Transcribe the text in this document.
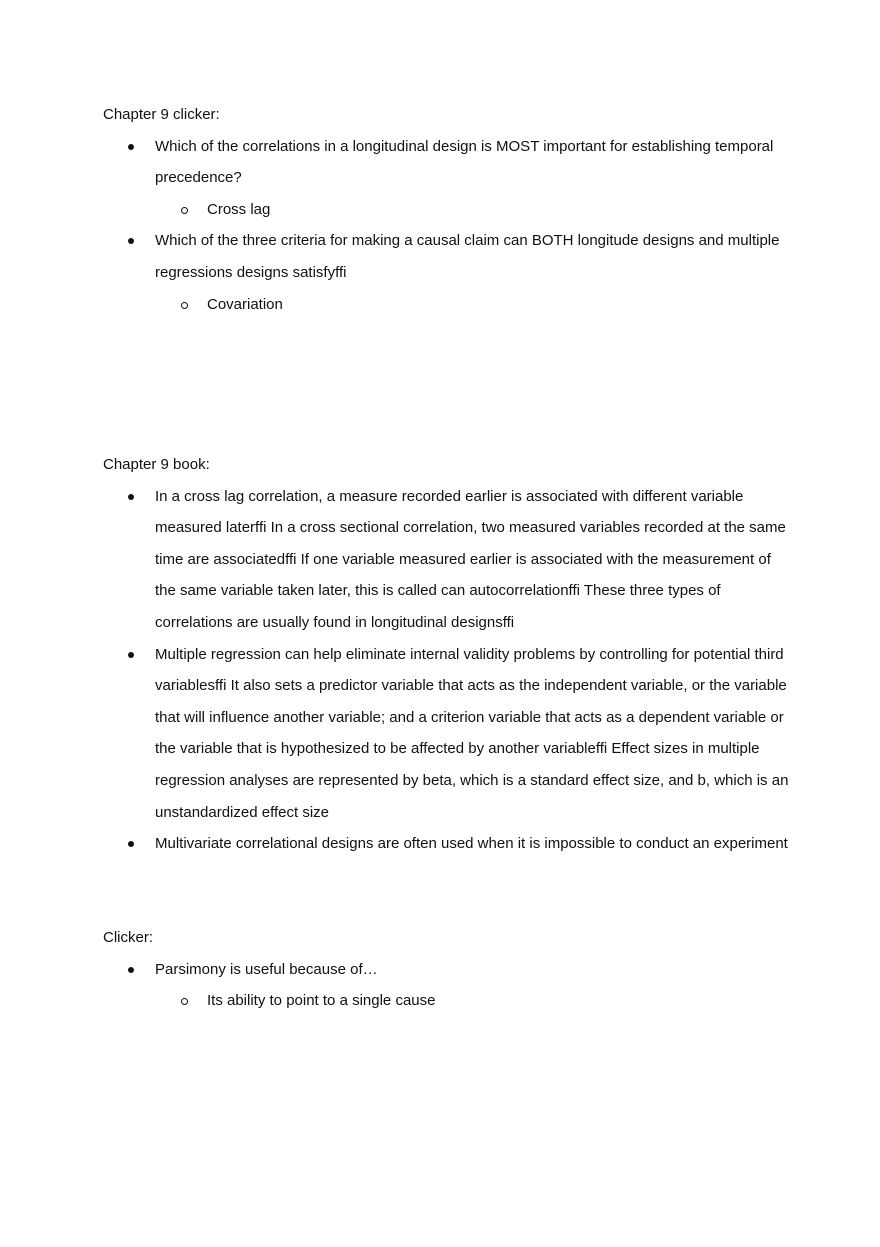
Chapter 9 clicker:
Which of the correlations in a longitudinal design is MOST important for establishing temporal precedence?
Cross lag
Which of the three criteria for making a causal claim can BOTH longitude designs and multiple regressions designs satisfyffi
Covariation
Chapter 9 book:
In a cross lag correlation, a measure recorded earlier is associated with different variable measured laterffi In a cross sectional correlation, two measured variables recorded at the same time are associatedffi If one variable measured earlier is associated with the measurement of the same variable taken later, this is called can autocorrelationffi These three types of correlations are usually found in longitudinal designsffi
Multiple regression can help eliminate internal validity problems by controlling for potential third variablesffi It also sets a predictor variable that acts as the independent variable, or the variable that will influence another variable; and a criterion variable that acts as a dependent variable or the variable that is hypothesized to be affected by another variableffi Effect sizes in multiple regression analyses are represented by beta, which is a standard effect size, and b, which is an unstandardized effect size
Multivariate correlational designs are often used when it is impossible to conduct an experiment
Clicker:
Parsimony is useful because of…
Its ability to point to a single cause
